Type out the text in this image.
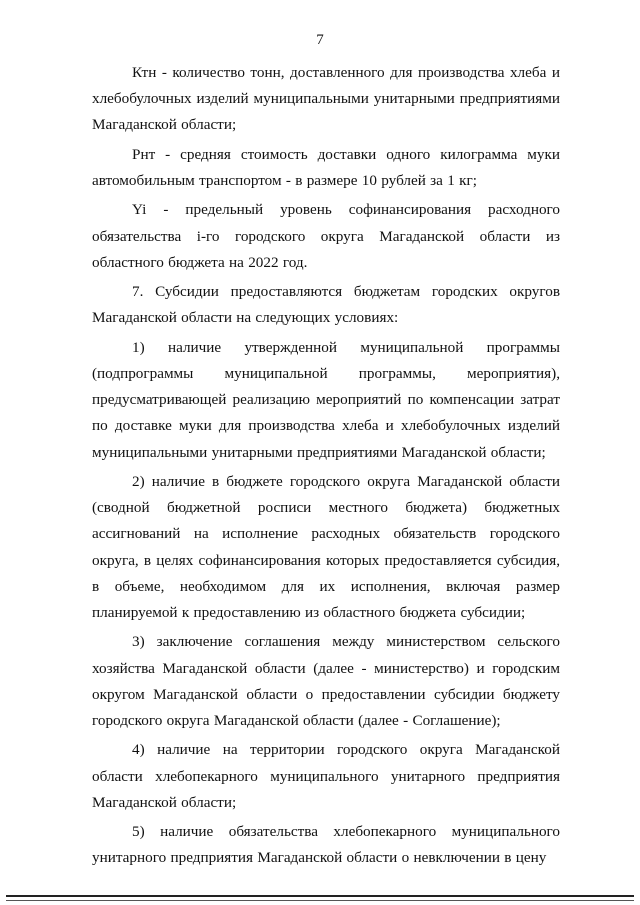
7

Ктн - количество тонн, доставленного для производства хлеба и хлебобулочных изделий муниципальными унитарными предприятиями Магаданской области;

Рнт - средняя стоимость доставки одного килограмма муки автомобильным транспортом - в размере 10 рублей за 1 кг;

Yi - предельный уровень софинансирования расходного обязательства i-го городского округа Магаданской области из областного бюджета на 2022 год.

7. Субсидии предоставляются бюджетам городских округов Магаданской области на следующих условиях:

1) наличие утвержденной муниципальной программы (подпрограммы муниципальной программы, мероприятия), предусматривающей реализацию мероприятий по компенсации затрат по доставке муки для производства хлеба и хлебобулочных изделий муниципальными унитарными предприятиями Магаданской области;

2) наличие в бюджете городского округа Магаданской области (сводной бюджетной росписи местного бюджета) бюджетных ассигнований на исполнение расходных обязательств городского округа, в целях софинансирования которых предоставляется субсидия, в объеме, необходимом для их исполнения, включая размер планируемой к предоставлению из областного бюджета субсидии;

3) заключение соглашения между министерством сельского хозяйства Магаданской области (далее - министерство) и городским округом Магаданской области о предоставлении субсидии бюджету городского округа Магаданской области (далее - Соглашение);

4) наличие на территории городского округа Магаданской области хлебопекарного муниципального унитарного предприятия Магаданской области;

5) наличие обязательства хлебопекарного муниципального унитарного предприятия Магаданской области о невключении в цену
